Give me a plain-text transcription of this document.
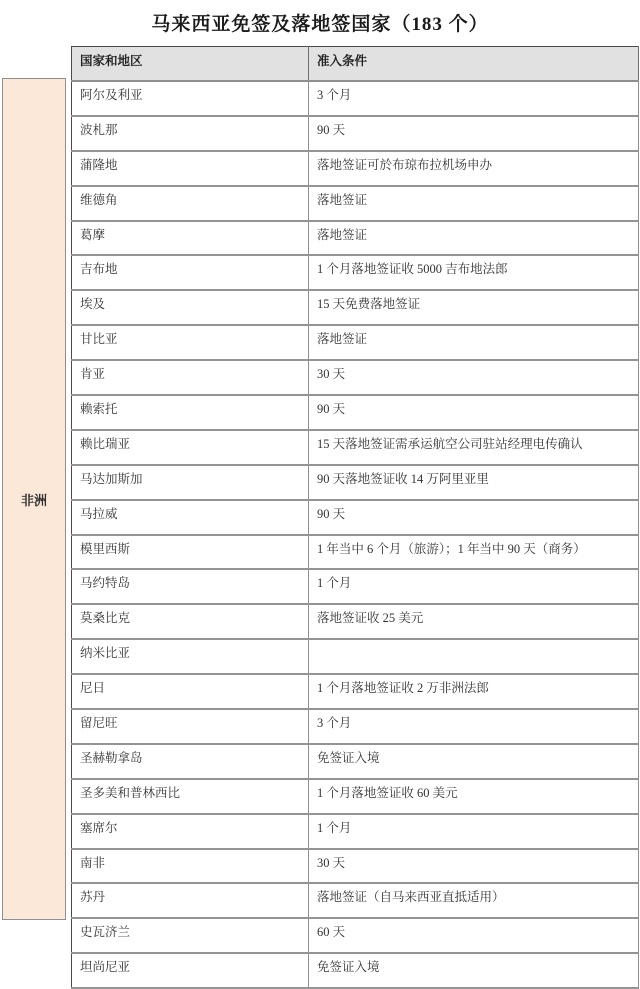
马来西亚免签及落地签国家（183 个）
非洲
国家和地区	准入条件
阿尔及利亚	3 个月
波札那	90 天
蒲隆地	落地签证可於布琼布拉机场申办
维德角	落地签证
葛摩	落地签证
吉布地	1 个月落地签证收 5000 吉布地法郎
埃及	15 天免费落地签证
甘比亚	落地签证
肯亚	30 天
赖索托	90 天
赖比瑞亚	15 天落地签证需承运航空公司驻站经理电传确认
马达加斯加	90 天落地签证收 14 万阿里亚里
马拉威	90 天
模里西斯	1 年当中 6 个月（旅游）；1 年当中 90 天（商务）
马约特岛	1 个月
莫桑比克	落地签证收 25 美元
纳米比亚	
尼日	1 个月落地签证收 2 万非洲法郎
留尼旺	3 个月
圣赫勒拿岛	免签证入境
圣多美和普林西比	1 个月落地签证收 60 美元
塞席尔	1 个月
南非	30 天
苏丹	落地签证（自马来西亚直抵适用）
史瓦济兰	60 天
坦尚尼亚	免签证入境
